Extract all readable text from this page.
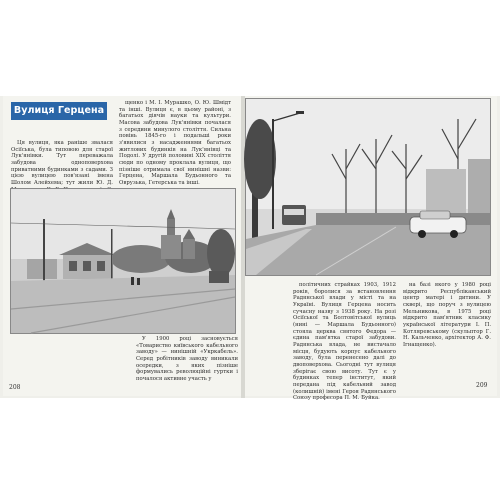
Вулиця Герцена

Ця вулиця, яка раніше звалася Осіїська, була типовою для старої Лук'янівки. Тут переважала забудова одноповерхова приватними будинками з садами. З цією вулицею пов'язані імена Шолом Алейхема; тут жили Ю. Д.

щенко і М. І. Мурашко, О. Ю. Шмідт та інші. Вулиця є, в цьому районі, з багатьох діячів науки та культури. Масова забудова Лук'янівки почалася з середини минулого століття. Сильна повінь 1845-го і подальшi роки з'явилися з насадженнями багатьох житлових будинків на Лук'янівці та Подолі. У другiй половині XIX століття сюди по одному проклала вулиця, що пізніше отримала свої нинішні назви: Герцена, Маршала Будьонного та Оврузька, Гетерська та інші.

У 1900 році засновується «Товариство київського кабельного заводу» — нинішній «Укркабель». Серед робітників заводу виникали осередки, з яких пізніше формувались революційні гуртки і почалося активне участь у

208

політичних страйках 1903, 1912 років, боролися за встановлення Радянської влади у місті та на Україні. Вулиця Герцена носить сучасну назву з 1938 року. На розі Осіїської та Болтовітської вулиць (нині — Маршала Будьонного) стояла церква святого Федора — єдина пам'ятка старої забудови. Радянська влада, не вистачало місця, будують корпус кабельного заводу, була перенесено далі до двоповерхова. Сьогодні тут вулиця зберігає свою висоту. Тут є у будинках тепер інститут, який передана під кабельний завод (колишній) імені Героя Радянського Союзу професора П. М. Буйка.

на базі якого у 1980 році відкрито Республіканський центр матері і дитини. У сквері, що поруч з вулицею Мельникова, в 1975 році відкрито пам'ятник класику української літератури І. П. Котляревському (скульптор Г. Н. Кальченко, архітектор А. Ф. Ігнащенко).

209
